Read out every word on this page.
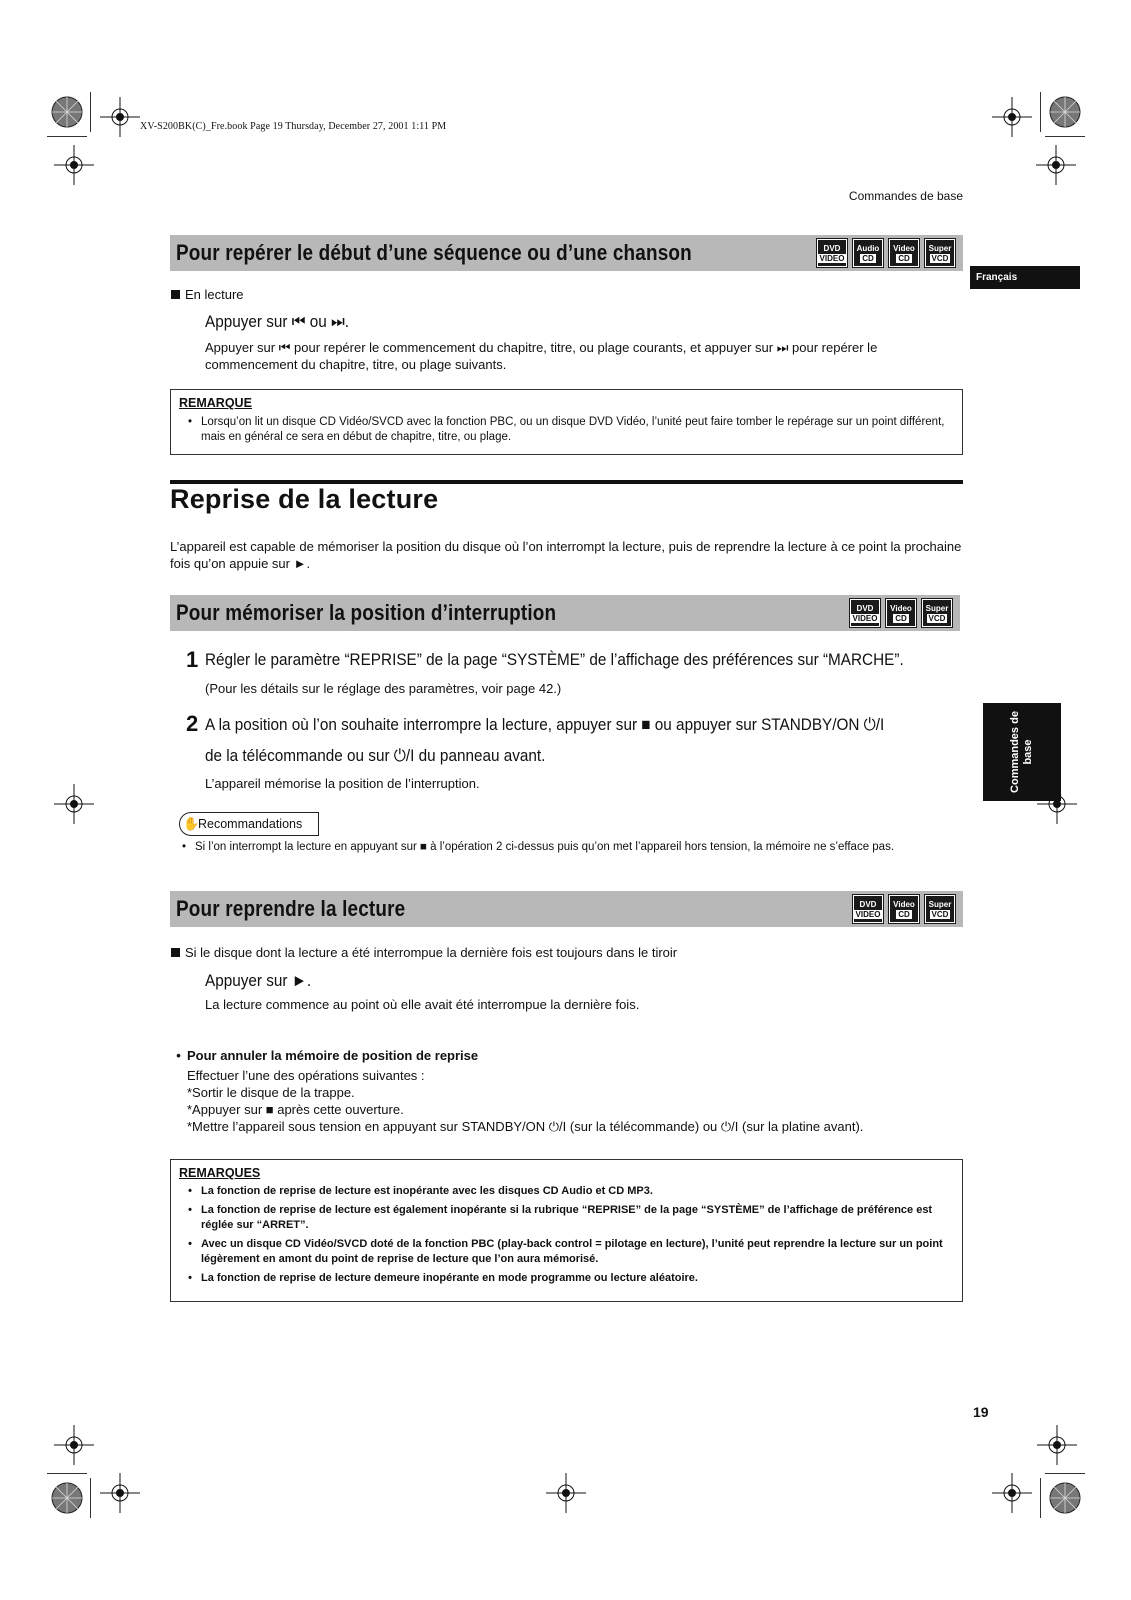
XV-S200BK(C)_Fre.book Page 19 Thursday, December 27, 2001 1:11 PM
Commandes de base
Français
Commandes de base
Pour repérer le début d’une séquence ou d’une chanson	DVD
VIDEO
Audio
CD
Video
CD
Super
VCD
En lecture
Appuyer sur ⏮ ou ⏭.
Appuyer sur ⏮ pour repérer le commencement du chapitre, titre, ou plage courants, et appuyer sur ⏭ pour repérer le commencement du chapitre, titre, ou plage suivants.
REMARQUE
• Lorsqu’on lit un disque CD Vidéo/SVCD avec la fonction PBC, ou un disque DVD Vidéo, l’unité peut faire tomber le repérage sur un point différent, mais en général ce sera en début de chapitre, titre, ou plage.
Reprise de la lecture
L’appareil est capable de mémoriser la position du disque où l’on interrompt la lecture, puis de reprendre la lecture à ce point la prochaine fois qu’on appuie sur ►.
Pour mémoriser la position d’interruption	DVD
VIDEO
Video
CD
Super
VCD
1 Régler le paramètre “REPRISE” de la page “SYSTÈME” de l’affichage des préférences sur “MARCHE”.
(Pour les détails sur le réglage des paramètres, voir page 42.)
2 A la position où l’on souhaite interrompre la lecture, appuyer sur ■ ou appuyer sur STANDBY/ON ⏻/I
de la télécommande ou sur ⏻/I du panneau avant.
L’appareil mémorise la position de l’interruption.
✋
Recommandations
• Si l’on interrompt la lecture en appuyant sur ■ à l’opération 2 ci-dessus puis qu’on met l’appareil hors tension, la mémoire ne s’efface pas.
Pour reprendre la lecture	DVD
VIDEO
Video
CD
Super
VCD
Si le disque dont la lecture a été interrompue la dernière fois est toujours dans le tiroir
Appuyer sur ►.
La lecture commence au point où elle avait été interrompue la dernière fois.
• Pour annuler la mémoire de position de reprise
Effectuer l’une des opérations suivantes :
*Sortir le disque de la trappe.
*Appuyer sur ■ après cette ouverture.
*Mettre l’appareil sous tension en appuyant sur STANDBY/ON ⏻/I (sur la télécommande) ou ⏻/I (sur la platine avant).
REMARQUES
• La fonction de reprise de lecture est inopérante avec les disques CD Audio et CD MP3.
• La fonction de reprise de lecture est également inopérante si la rubrique “REPRISE” de la page “SYSTÈME” de l’affichage de préférence est réglée sur “ARRET”.
• Avec un disque CD Vidéo/SVCD doté de la fonction PBC (play-back control = pilotage en lecture), l’unité peut reprendre la lecture sur un point légèrement en amont du point de reprise de lecture que l’on aura mémorisé.
• La fonction de reprise de lecture demeure inopérante en mode programme ou lecture aléatoire.
19
